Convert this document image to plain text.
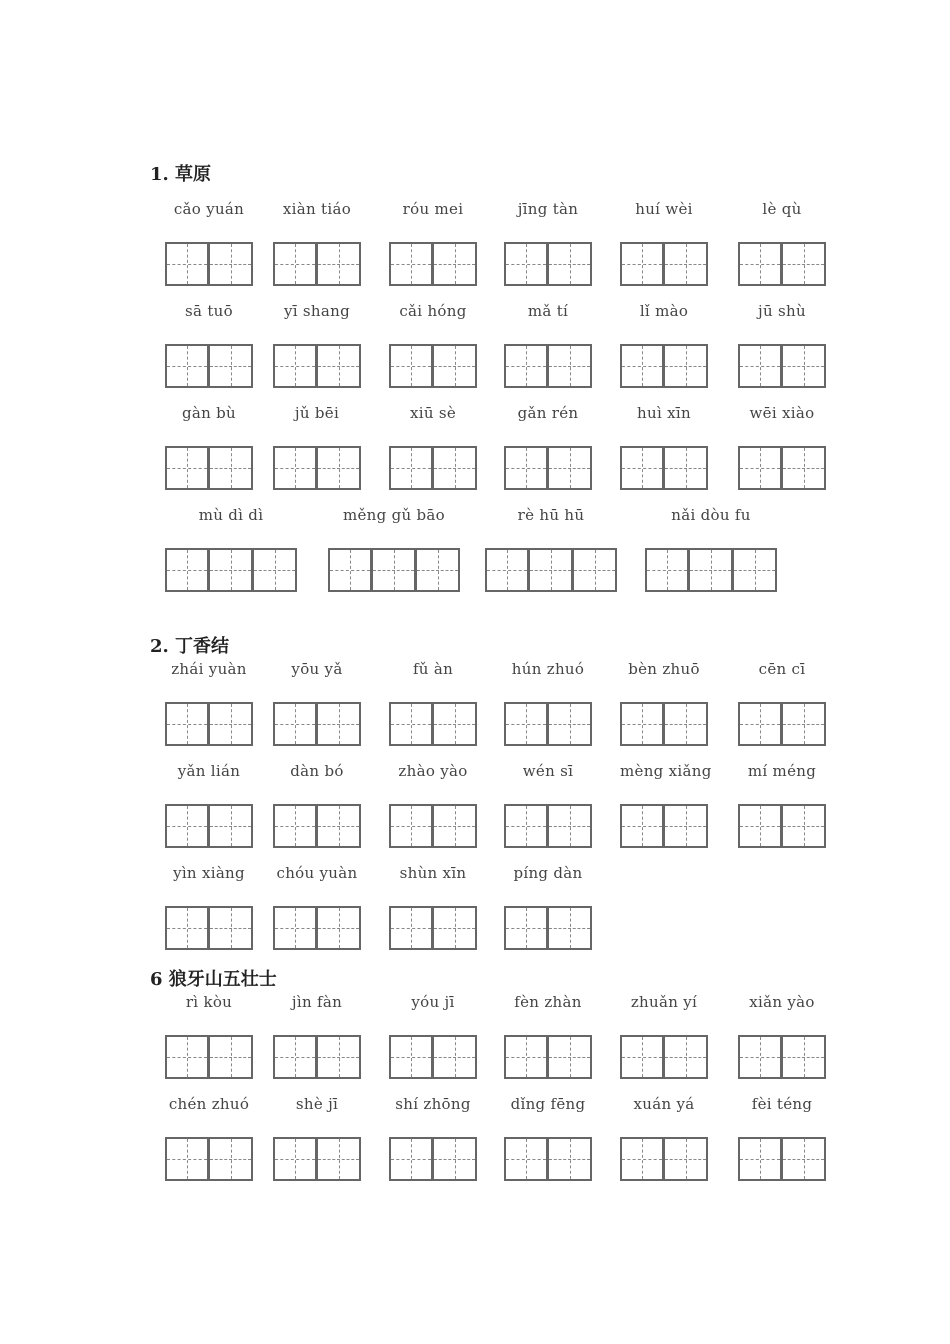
1. 草原
cǎo yuán	xiàn tiáo	róu mei	jīng tàn	huí wèi	lè qù
sā tuō	yī shang	cǎi hóng	mǎ tí	lǐ mào	jū shù
gàn bù	jǔ bēi	xiū sè	gǎn rén	huì xīn	wēi xiào
mù dì dì	měng gǔ bāo	rè hū hū	nǎi dòu fu
2. 丁香结
zhái yuàn	yōu yǎ	fǔ àn	hún zhuó	bèn zhuō	cēn cī
yǎn lián	dàn bó	zhào yào	wén sī	mèng xiǎng	mí méng
yìn xiàng	chóu yuàn	shùn xīn	píng dàn
6 狼牙山五壮士
rì kòu	jìn fàn	yóu jī	fèn zhàn	zhuǎn yí	xiǎn yào
chén zhuó	shè jī	shí zhōng	dǐng fēng	xuán yá	fèi téng
